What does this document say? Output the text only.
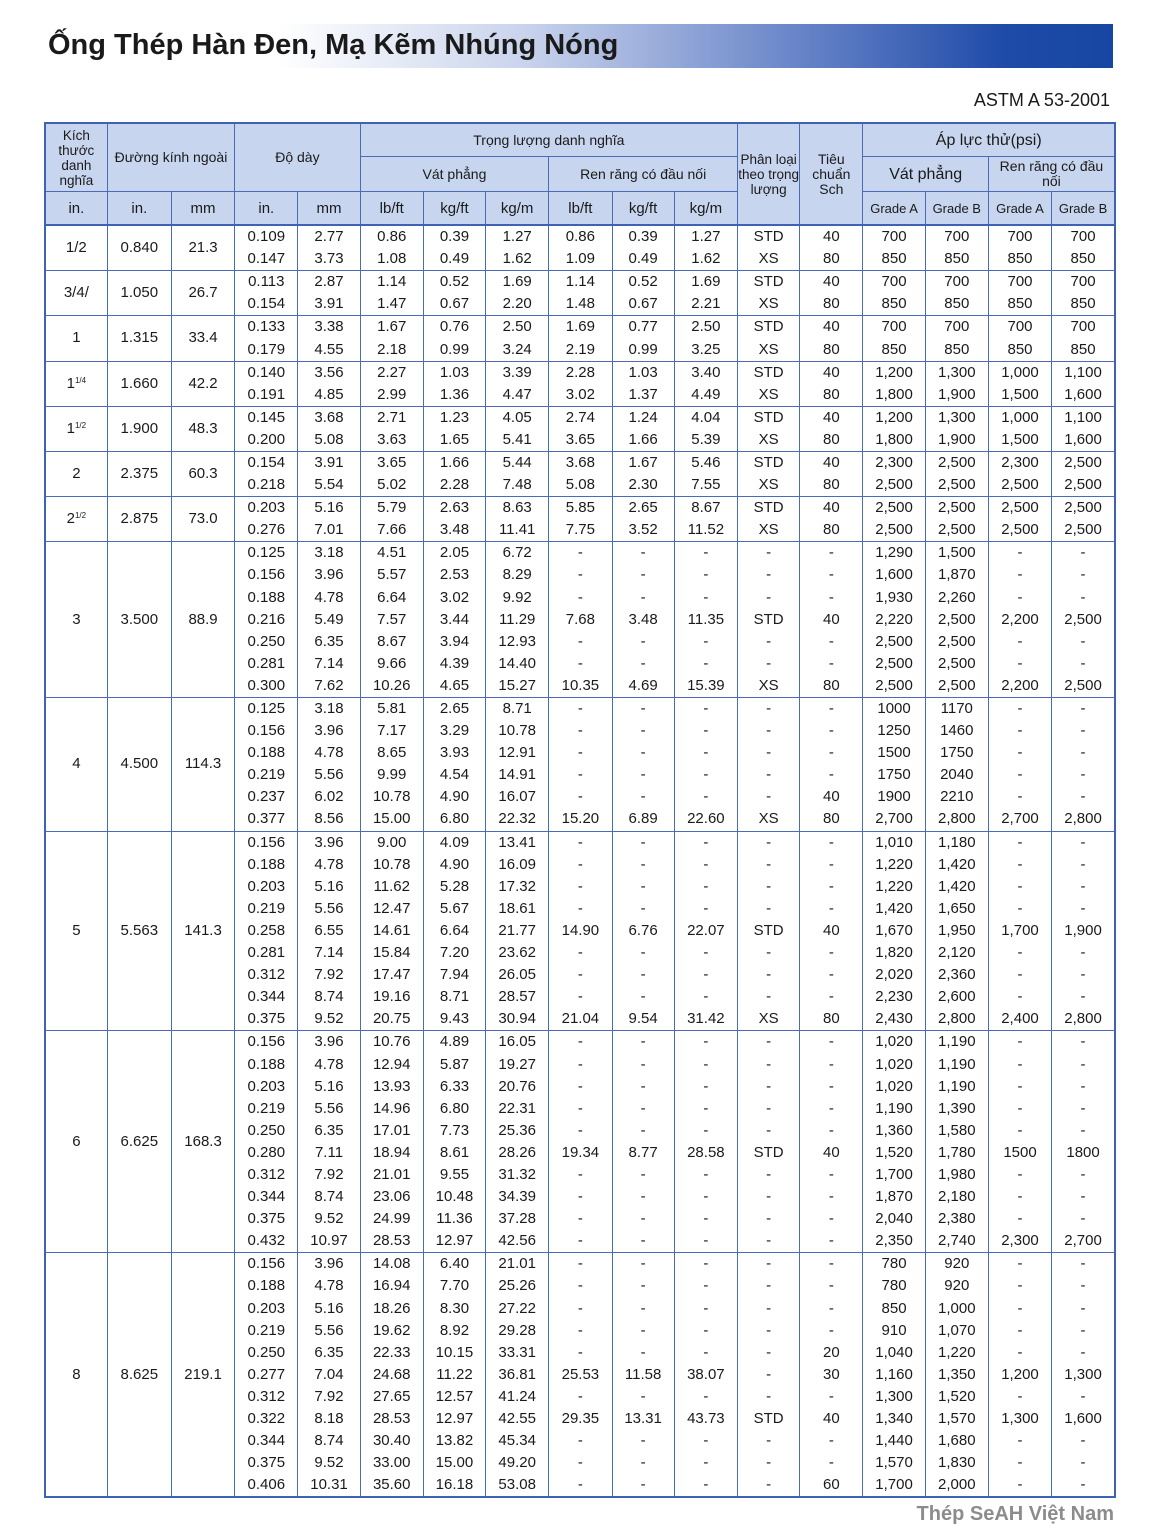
Ống Thép Hàn Đen, Mạ Kẽm Nhúng Nóng
ASTM A 53-2001
Kích thước danh nghĩa	Đường kính ngoài		Độ dày		Trọng lượng danh nghĩa						Phân loại theo trọng lượng	Tiêu chuẩn Sch	Áp lực thử(psi)			
					Vát phẳng			Ren răng có đầu nối					Vát phẳng		Ren răng có đầu nối	
in.	in.	mm	in.	mm	lb/ft	kg/ft	kg/m	lb/ft	kg/ft	kg/m			Grade A	Grade B	Grade A	Grade B
1/2	0.840	21.3	0.109	2.77	0.86	0.39	1.27	0.86	0.39	1.27	STD	40	700	700	700	700
			0.147	3.73	1.08	0.49	1.62	1.09	0.49	1.62	XS	80	850	850	850	850
3/4/	1.050	26.7	0.113	2.87	1.14	0.52	1.69	1.14	0.52	1.69	STD	40	700	700	700	700
			0.154	3.91	1.47	0.67	2.20	1.48	0.67	2.21	XS	80	850	850	850	850
1	1.315	33.4	0.133	3.38	1.67	0.76	2.50	1.69	0.77	2.50	STD	40	700	700	700	700
			0.179	4.55	2.18	0.99	3.24	2.19	0.99	3.25	XS	80	850	850	850	850
$1^{1/4}$	1.660	42.2	0.140	3.56	2.27	1.03	3.39	2.28	1.03	3.40	STD	40	1,200	1,300	1,000	1,100
			0.191	4.85	2.99	1.36	4.47	3.02	1.37	4.49	XS	80	1,800	1,900	1,500	1,600
$1^{1/2}$	1.900	48.3	0.145	3.68	2.71	1.23	4.05	2.74	1.24	4.04	STD	40	1,200	1,300	1,000	1,100
			0.200	5.08	3.63	1.65	5.41	3.65	1.66	5.39	XS	80	1,800	1,900	1,500	1,600
2	2.375	60.3	0.154	3.91	3.65	1.66	5.44	3.68	1.67	5.46	STD	40	2,300	2,500	2,300	2,500
			0.218	5.54	5.02	2.28	7.48	5.08	2.30	7.55	XS	80	2,500	2,500	2,500	2,500
$2^{1/2}$	2.875	73.0	0.203	5.16	5.79	2.63	8.63	5.85	2.65	8.67	STD	40	2,500	2,500	2,500	2,500
			0.276	7.01	7.66	3.48	11.41	7.75	3.52	11.52	XS	80	2,500	2,500	2,500	2,500
3	3.500	88.9	0.125	3.18	4.51	2.05	6.72	-	-	-	-	-	1,290	1,500	-	-
			0.156	3.96	5.57	2.53	8.29	-	-	-	-	-	1,600	1,870	-	-
			0.188	4.78	6.64	3.02	9.92	-	-	-	-	-	1,930	2,260	-	-
			0.216	5.49	7.57	3.44	11.29	7.68	3.48	11.35	STD	40	2,220	2,500	2,200	2,500
			0.250	6.35	8.67	3.94	12.93	-	-	-	-	-	2,500	2,500	-	-
			0.281	7.14	9.66	4.39	14.40	-	-	-	-	-	2,500	2,500	-	-
			0.300	7.62	10.26	4.65	15.27	10.35	4.69	15.39	XS	80	2,500	2,500	2,200	2,500
4	4.500	114.3	0.125	3.18	5.81	2.65	8.71	-	-	-	-	-	1000	1170	-	-
			0.156	3.96	7.17	3.29	10.78	-	-	-	-	-	1250	1460	-	-
			0.188	4.78	8.65	3.93	12.91	-	-	-	-	-	1500	1750	-	-
			0.219	5.56	9.99	4.54	14.91	-	-	-	-	-	1750	2040	-	-
			0.237	6.02	10.78	4.90	16.07	-	-	-	-	40	1900	2210	-	-
			0.377	8.56	15.00	6.80	22.32	15.20	6.89	22.60	XS	80	2,700	2,800	2,700	2,800
5	5.563	141.3	0.156	3.96	9.00	4.09	13.41	-	-	-	-	-	1,010	1,180	-	-
			0.188	4.78	10.78	4.90	16.09	-	-	-	-	-	1,220	1,420	-	-
			0.203	5.16	11.62	5.28	17.32	-	-	-	-	-	1,220	1,420	-	-
			0.219	5.56	12.47	5.67	18.61	-	-	-	-	-	1,420	1,650	-	-
			0.258	6.55	14.61	6.64	21.77	14.90	6.76	22.07	STD	40	1,670	1,950	1,700	1,900
			0.281	7.14	15.84	7.20	23.62	-	-	-	-	-	1,820	2,120	-	-
			0.312	7.92	17.47	7.94	26.05	-	-	-	-	-	2,020	2,360	-	-
			0.344	8.74	19.16	8.71	28.57	-	-	-	-	-	2,230	2,600	-	-
			0.375	9.52	20.75	9.43	30.94	21.04	9.54	31.42	XS	80	2,430	2,800	2,400	2,800
6	6.625	168.3	0.156	3.96	10.76	4.89	16.05	-	-	-	-	-	1,020	1,190	-	-
			0.188	4.78	12.94	5.87	19.27	-	-	-	-	-	1,020	1,190	-	-
			0.203	5.16	13.93	6.33	20.76	-	-	-	-	-	1,020	1,190	-	-
			0.219	5.56	14.96	6.80	22.31	-	-	-	-	-	1,190	1,390	-	-
			0.250	6.35	17.01	7.73	25.36	-	-	-	-	-	1,360	1,580	-	-
			0.280	7.11	18.94	8.61	28.26	19.34	8.77	28.58	STD	40	1,520	1,780	1500	1800
			0.312	7.92	21.01	9.55	31.32	-	-	-	-	-	1,700	1,980	-	-
			0.344	8.74	23.06	10.48	34.39	-	-	-	-	-	1,870	2,180	-	-
			0.375	9.52	24.99	11.36	37.28	-	-	-	-	-	2,040	2,380	-	-
			0.432	10.97	28.53	12.97	42.56	-	-	-	-	-	2,350	2,740	2,300	2,700
8	8.625	219.1	0.156	3.96	14.08	6.40	21.01	-	-	-	-	-	780	920	-	-
			0.188	4.78	16.94	7.70	25.26	-	-	-	-	-	780	920	-	-
			0.203	5.16	18.26	8.30	27.22	-	-	-	-	-	850	1,000	-	-
			0.219	5.56	19.62	8.92	29.28	-	-	-	-	-	910	1,070	-	-
			0.250	6.35	22.33	10.15	33.31	-	-	-	-	20	1,040	1,220	-	-
			0.277	7.04	24.68	11.22	36.81	25.53	11.58	38.07	-	30	1,160	1,350	1,200	1,300
			0.312	7.92	27.65	12.57	41.24	-	-	-	-	-	1,300	1,520	-	-
			0.322	8.18	28.53	12.97	42.55	29.35	13.31	43.73	STD	40	1,340	1,570	1,300	1,600
			0.344	8.74	30.40	13.82	45.34	-	-	-	-	-	1,440	1,680	-	-
			0.375	9.52	33.00	15.00	49.20	-	-	-	-	-	1,570	1,830	-	-
			0.406	10.31	35.60	16.18	53.08	-	-	-	-	60	1,700	2,000	-	-
Thép SeAH Việt Nam
